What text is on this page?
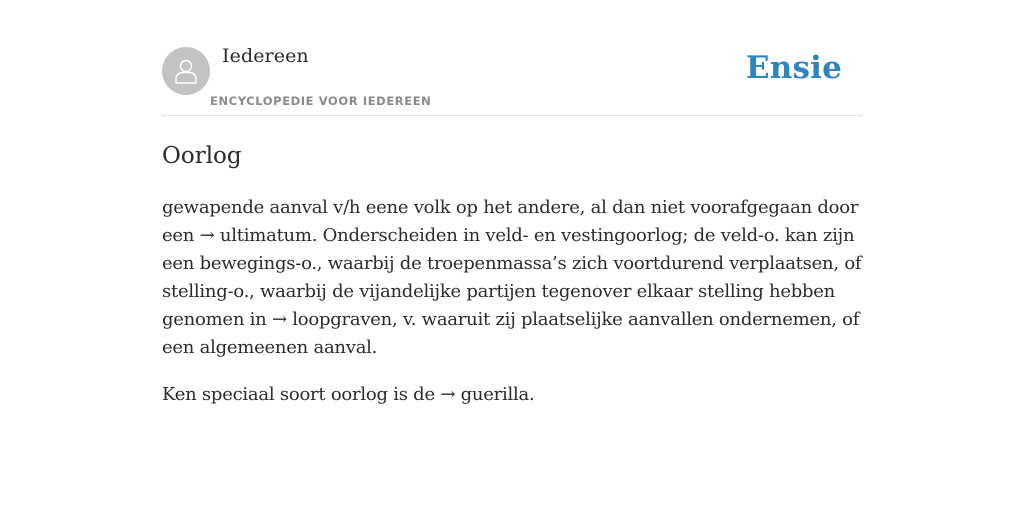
Iedereen
ENCYCLOPEDIE VOOR IEDEREEN
Ensie
Oorlog

gewapende aanval v/h eene volk op het andere, al dan niet voorafgegaan door een → ultimatum. Onderscheiden in veld- en vestingoorlog; de veld-o. kan zijn een bewegings-o., waarbij de troepenmassa’s zich voortdurend verplaatsen, of stelling-o., waarbij de vijandelijke partijen tegenover elkaar stelling hebben genomen in → loopgraven, v. waaruit zij plaatselijke aanvallen ondernemen, of een algemeenen aanval.

Ken speciaal soort oorlog is de → guerilla.
